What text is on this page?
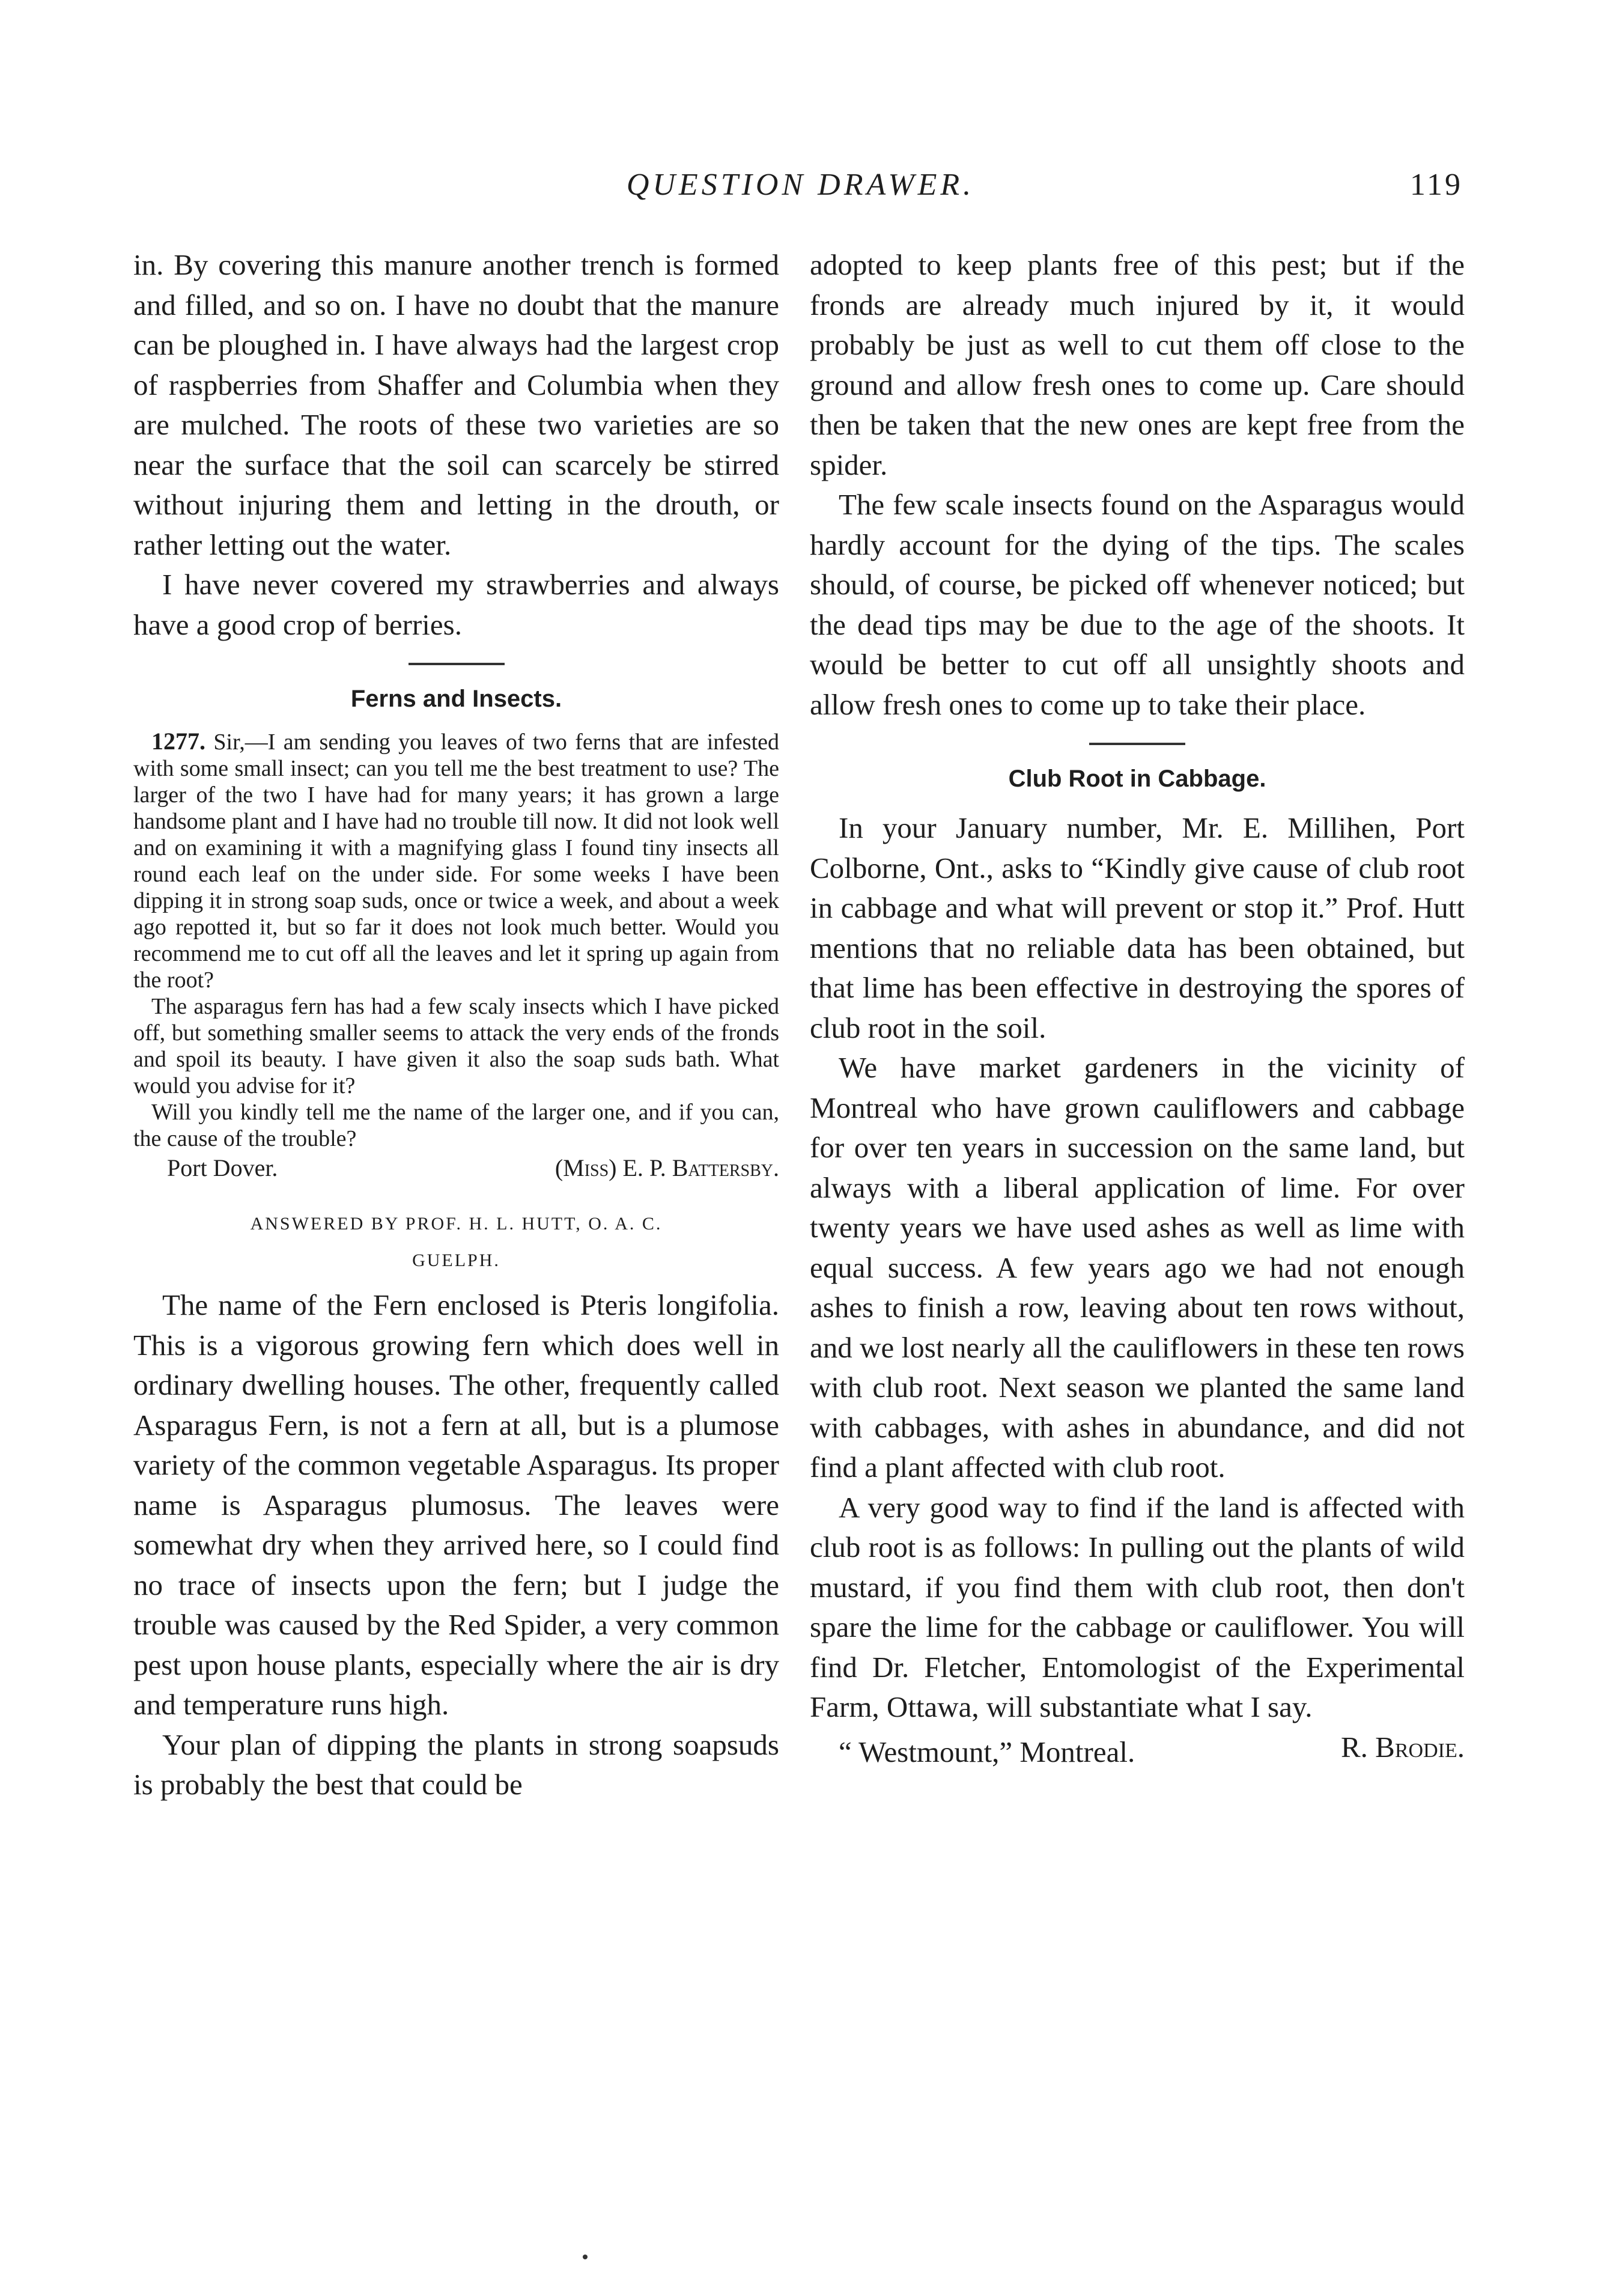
QUESTION DRAWER.	119

in. By covering this manure another trench is formed and filled, and so on. I have no doubt that the manure can be ploughed in. I have always had the largest crop of raspberries from Shaffer and Columbia when they are mulched. The roots of these two varieties are so near the surface that the soil can scarcely be stirred without injuring them and letting in the drouth, or rather letting out the water.

I have never covered my strawberries and always have a good crop of berries.

Ferns and Insects.

1277. Sir,—I am sending you leaves of two ferns that are infested with some small insect; can you tell me the best treatment to use? The larger of the two I have had for many years; it has grown a large handsome plant and I have had no trouble till now. It did not look well and on examining it with a magnifying glass I found tiny insects all round each leaf on the under side. For some weeks I have been dipping it in strong soap suds, once or twice a week, and about a week ago repotted it, but so far it does not look much better. Would you recommend me to cut off all the leaves and let it spring up again from the root?

The asparagus fern has had a few scaly insects which I have picked off, but something smaller seems to attack the very ends of the fronds and spoil its beauty. I have given it also the soap suds bath. What would you advise for it?

Will you kindly tell me the name of the larger one, and if you can, the cause of the trouble?

Port Dover.	(Miss) E. P. Battersby.

ANSWERED BY PROF. H. L. HUTT, O. A. C.

GUELPH.

The name of the Fern enclosed is Pteris longifolia. This is a vigorous growing fern which does well in ordinary dwelling houses. The other, frequently called Asparagus Fern, is not a fern at all, but is a plumose variety of the common vegetable Asparagus. Its proper name is Asparagus plumosus. The leaves were somewhat dry when they arrived here, so I could find no trace of insects upon the fern; but I judge the trouble was caused by the Red Spider, a very common pest upon house plants, especially where the air is dry and temperature runs high.

Your plan of dipping the plants in strong soapsuds is probably the best that could be

adopted to keep plants free of this pest; but if the fronds are already much injured by it, it would probably be just as well to cut them off close to the ground and allow fresh ones to come up. Care should then be taken that the new ones are kept free from the spider.

The few scale insects found on the Asparagus would hardly account for the dying of the tips. The scales should, of course, be picked off whenever noticed; but the dead tips may be due to the age of the shoots. It would be better to cut off all unsightly shoots and allow fresh ones to come up to take their place.

Club Root in Cabbage.

In your January number, Mr. E. Millihen, Port Colborne, Ont., asks to “Kindly give cause of club root in cabbage and what will prevent or stop it.” Prof. Hutt mentions that no reliable data has been obtained, but that lime has been effective in destroying the spores of club root in the soil.

We have market gardeners in the vicinity of Montreal who have grown cauliflowers and cabbage for over ten years in succession on the same land, but always with a liberal application of lime. For over twenty years we have used ashes as well as lime with equal success. A few years ago we had not enough ashes to finish a row, leaving about ten rows without, and we lost nearly all the cauliflowers in these ten rows with club root. Next season we planted the same land with cabbages, with ashes in abundance, and did not find a plant affected with club root.

A very good way to find if the land is affected with club root is as follows: In pulling out the plants of wild mustard, if you find them with club root, then don't spare the lime for the cabbage or cauliflower. You will find Dr. Fletcher, Entomologist of the Experimental Farm, Ottawa, will substantiate what I say.
R. Brodie.

“ Westmount,” Montreal.
